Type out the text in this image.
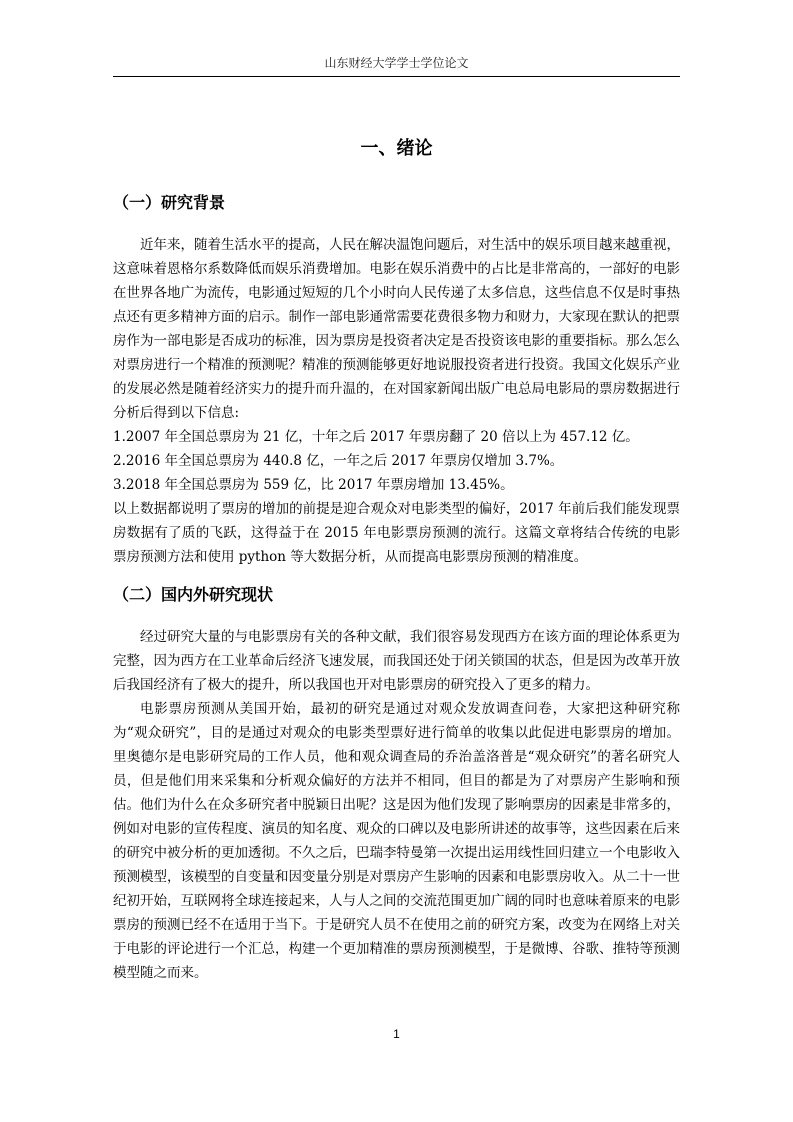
山东财经大学学士学位论文
一、绪论
（一）研究背景

近年来，随着生活水平的提高，人民在解决温饱问题后，对生活中的娱乐项目越来越重视，这意味着恩格尔系数降低而娱乐消费增加。电影在娱乐消费中的占比是非常高的，一部好的电影在世界各地广为流传，电影通过短短的几个小时向人民传递了太多信息，这些信息不仅是时事热点还有更多精神方面的启示。制作一部电影通常需要花费很多物力和财力，大家现在默认的把票房作为一部电影是否成功的标准，因为票房是投资者决定是否投资该电影的重要指标。那么怎么对票房进行一个精准的预测呢？精准的预测能够更好地说服投资者进行投资。我国文化娱乐产业的发展必然是随着经济实力的提升而升温的，在对国家新闻出版广电总局电影局的票房数据进行分析后得到以下信息:

1.2007 年全国总票房为 21 亿，十年之后 2017 年票房翻了 20 倍以上为 457.12 亿。

2.2016 年全国总票房为 440.8 亿，一年之后 2017 年票房仅增加 3.7%。

3.2018 年全国总票房为 559 亿，比 2017 年票房增加 13.45%。

以上数据都说明了票房的增加的前提是迎合观众对电影类型的偏好，2017 年前后我们能发现票房数据有了质的飞跃，这得益于在 2015 年电影票房预测的流行。这篇文章将结合传统的电影票房预测方法和使用 python 等大数据分析，从而提高电影票房预测的精准度。

（二）国内外研究现状

经过研究大量的与电影票房有关的各种文献，我们很容易发现西方在该方面的理论体系更为完整，因为西方在工业革命后经济飞速发展，而我国还处于闭关锁国的状态，但是因为改革开放后我国经济有了极大的提升，所以我国也开对电影票房的研究投入了更多的精力。

电影票房预测从美国开始，最初的研究是通过对观众发放调查问卷，大家把这种研究称为“观众研究”，目的是通过对观众的电影类型票好进行简单的收集以此促进电影票房的增加。里奥德尔是电影研究局的工作人员，他和观众调查局的乔治盖洛普是“观众研究”的著名研究人员，但是他们用来采集和分析观众偏好的方法并不相同，但目的都是为了对票房产生影响和预估。他们为什么在众多研究者中脱颖日出呢？这是因为他们发现了影响票房的因素是非常多的，例如对电影的宣传程度、演员的知名度、观众的口碑以及电影所讲述的故事等，这些因素在后来的研究中被分析的更加透彻。不久之后，巴瑞李特曼第一次提出运用线性回归建立一个电影收入预测模型，该模型的自变量和因变量分别是对票房产生影响的因素和电影票房收入。从二十一世纪初开始，互联网将全球连接起来，人与人之间的交流范围更加广阔的同时也意味着原来的电影票房的预测已经不在适用于当下。于是研究人员不在使用之前的研究方案，改变为在网络上对关于电影的评论进行一个汇总，构建一个更加精准的票房预测模型，于是微博、谷歌、推特等预测模型随之而来。

1
